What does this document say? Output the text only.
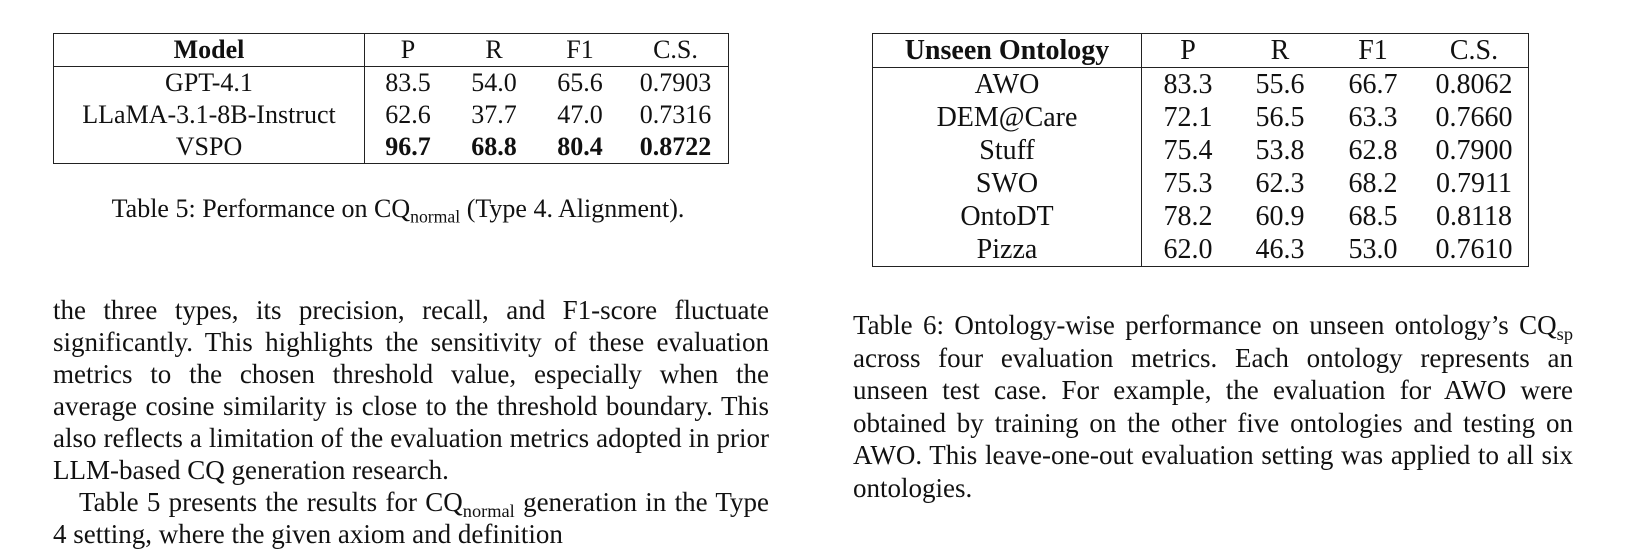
Model	P	R	F1	C.S.
GPT-4.1	83.5	54.0	65.6	0.7903
LLaMA-3.1-8B-Instruct	62.6	37.7	47.0	0.7316
VSPO	96.7	68.8	80.4	0.8722
Table 5: Performance on $CQ_{normal}$ (Type 4. Alignment).
Unseen Ontology	P	R	F1	C.S.
AWO	83.3	55.6	66.7	0.8062
DEM@Care	72.1	56.5	63.3	0.7660
Stuff	75.4	53.8	62.8	0.7900
SWO	75.3	62.3	68.2	0.7911
OntoDT	78.2	60.9	68.5	0.8118
Pizza	62.0	46.3	53.0	0.7610
Table 6: Ontology-wise performance on unseen ontology’s $CQ_{sp}$ across four evaluation metrics. Each ontology represents an unseen test case. For example, the evaluation for AWO were obtained by training on the other five ontologies and testing on AWO. This leave-one-out evaluation setting was applied to all six ontologies.

the three types, its precision, recall, and F1-score fluctuate significantly. This highlights the sensitivity of these evaluation metrics to the chosen threshold value, especially when the average cosine similarity is close to the threshold boundary. This also reflects a limitation of the evaluation metrics adopted in prior LLM-based CQ generation research.

Table 5 presents the results for $CQ_{normal}$ generation in the Type 4 setting, where the given axiom and definition
